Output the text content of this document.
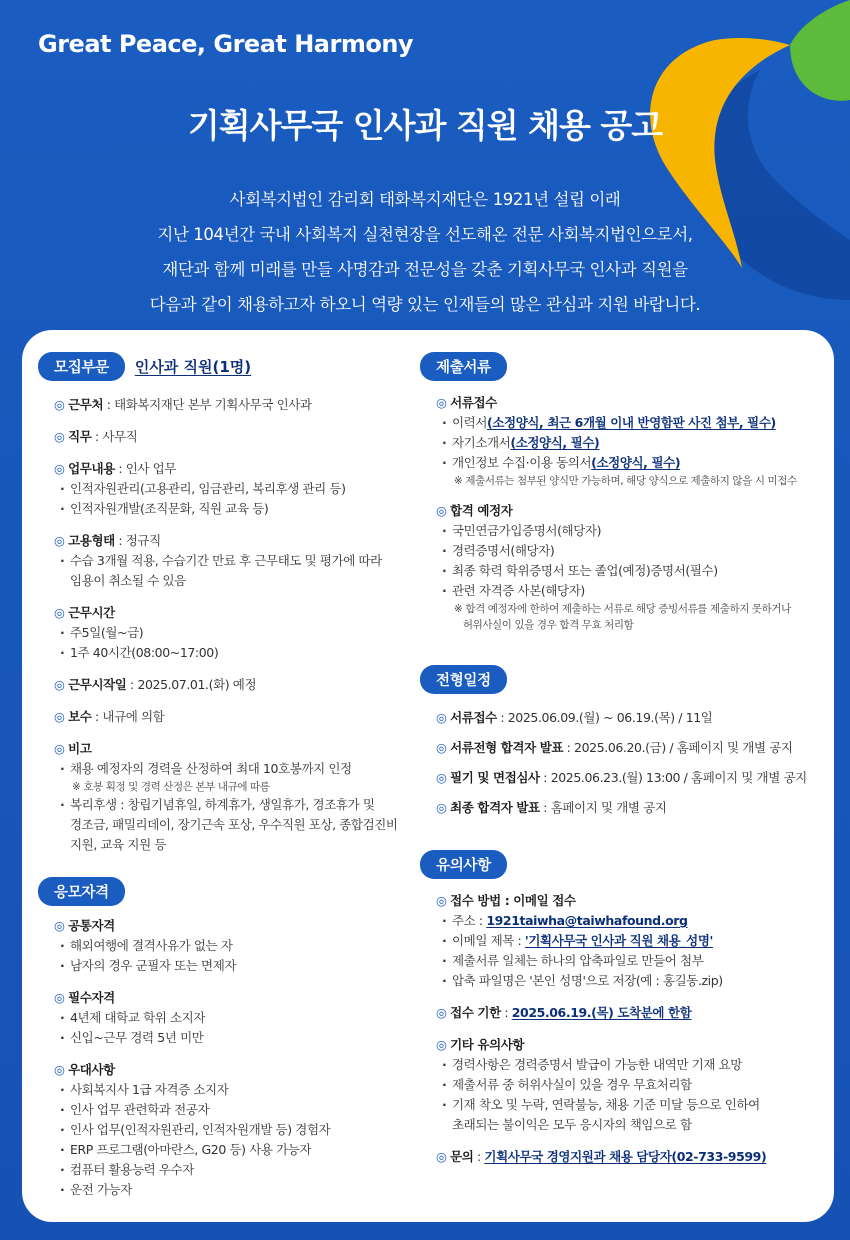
Great Peace, Great Harmony
기획사무국 인사과 직원 채용 공고
사회복지법인 감리회 태화복지재단은 1921년 설립 이래
지난 104년간 국내 사회복지 실천현장을 선도해온 전문 사회복지법인으로서,
재단과 함께 미래를 만들 사명감과 전문성을 갖춘 기획사무국 인사과 직원을
다음과 같이 채용하고자 하오니 역량 있는 인재들의 많은 관심과 지원 바랍니다.
모집부문	인사과 직원(1명)
◎ 근무처 : 태화복지재단 본부 기획사무국 인사과
◎ 직무 : 사무직
◎ 업무내용 : 인사 업무
· 인적자원관리(고용관리, 임금관리, 복리후생 관리 등)
· 인적자원개발(조직문화, 직원 교육 등)
◎ 고용형태 : 정규직
· 수습 3개월 적용, 수습기간 만료 후 근무태도 및 평가에 따라
임용이 취소될 수 있음
◎ 근무시간
· 주5일(월~금)
· 1주 40시간(08:00~17:00)
◎ 근무시작일 : 2025.07.01.(화) 예정
◎ 보수 : 내규에 의함
◎ 비고
· 채용 예정자의 경력을 산정하여 최대 10호봉까지 인정
※ 호봉 획정 및 경력 산정은 본부 내규에 따름
· 복리후생 : 창립기념휴일, 하계휴가, 생일휴가, 경조휴가 및
경조금, 패밀리데이, 장기근속 포상, 우수직원 포상, 종합검진비
지원, 교육 지원 등
응모자격
◎ 공통자격
· 해외여행에 결격사유가 없는 자
· 남자의 경우 군필자 또는 면제자
◎ 필수자격
· 4년제 대학교 학위 소지자
· 신입~근무 경력 5년 미만
◎ 우대사항
· 사회복지사 1급 자격증 소지자
· 인사 업무 관련학과 전공자
· 인사 업무(인적자원관리, 인적자원개발 등) 경험자
· ERP 프로그램(아마란스, G20 등) 사용 가능자
· 컴퓨터 활용능력 우수자
· 운전 가능자
제출서류
◎ 서류접수
· 이력서(소정양식, 최근 6개월 이내 반영함판 사진 첨부, 필수)
· 자기소개서(소정양식, 필수)
· 개인정보 수집·이용 동의서(소정양식, 필수)
※ 제출서류는 첨부된 양식만 가능하며, 해당 양식으로 제출하지 않을 시 미접수
◎ 합격 예정자
· 국민연금가입증명서(해당자)
· 경력증명서(해당자)
· 최종 학력 학위증명서 또는 졸업(예정)증명서(필수)
· 관련 자격증 사본(해당자)
※ 합격 예정자에 한하여 제출하는 서류로 해당 증빙서류를 제출하지 못하거나
허위사실이 있을 경우 합격 무효 처리함
전형일정
◎ 서류접수 : 2025.06.09.(월) ~ 06.19.(목) / 11일
◎ 서류전형 합격자 발표 : 2025.06.20.(금) / 홈페이지 및 개별 공지
◎ 필기 및 면접심사 : 2025.06.23.(월) 13:00 / 홈페이지 및 개별 공지
◎ 최종 합격자 발표 : 홈페이지 및 개별 공지
유의사항
◎ 접수 방법 : 이메일 접수
· 주소 : 1921taiwha@taiwhafound.org
· 이메일 제목 : '기획사무국 인사과 직원 채용_성명'
· 제출서류 일체는 하나의 압축파일로 만들어 첨부
· 압축 파일명은 '본인 성명'으로 저장(예 : 홍길동.zip)
◎ 접수 기한 : 2025.06.19.(목) 도착분에 한함
◎ 기타 유의사항
· 경력사항은 경력증명서 발급이 가능한 내역만 기재 요망
· 제출서류 중 허위사실이 있을 경우 무효처리함
· 기재 착오 및 누락, 연락불능, 채용 기준 미달 등으로 인하여
초래되는 불이익은 모두 응시자의 책임으로 함
◎ 문의 : 기획사무국 경영지원과 채용 담당자(02-733-9599)
